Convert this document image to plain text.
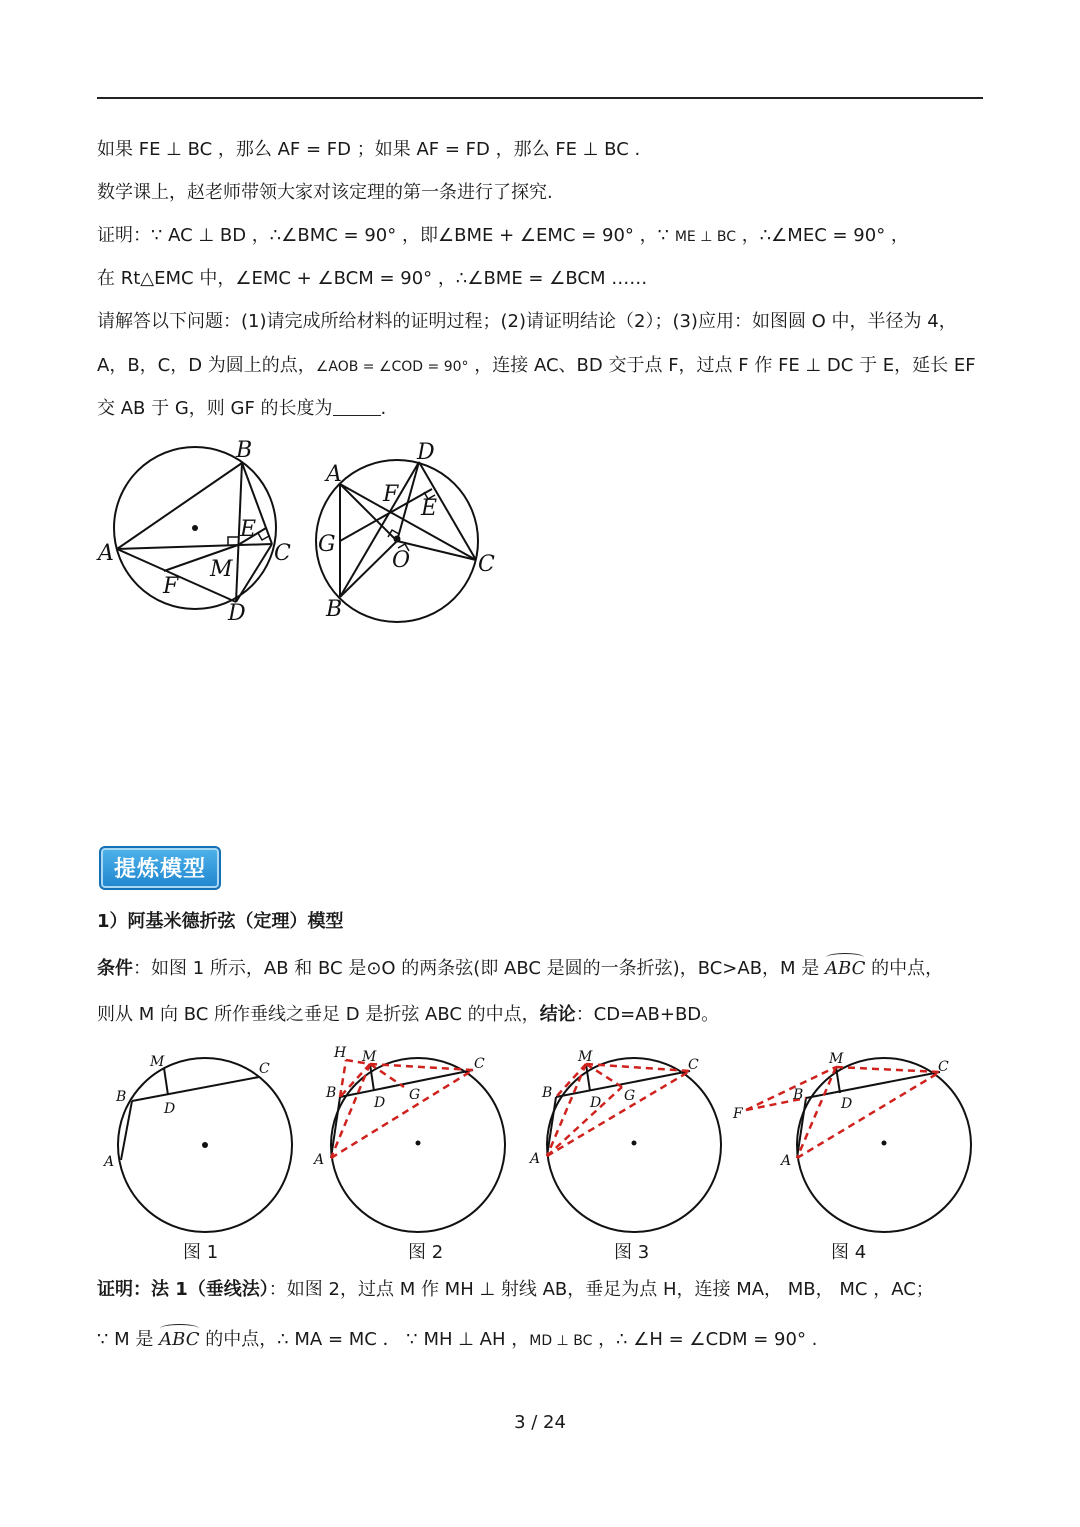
如果 FE ⊥ BC ，那么 AF = FD ；如果 AF = FD ，那么 FE ⊥ BC .
数学课上，赵老师带领大家对该定理的第一条进行了探究.
证明：∵ AC ⊥ BD ，∴∠BMC = 90° ，即∠BME + ∠EMC = 90° ，∵ ME ⊥ BC ，∴∠MEC = 90° ，
在 Rt△EMC 中，∠EMC + ∠BCM = 90° ，∴∠BME = ∠BCM ……
请解答以下问题：(1)请完成所给材料的证明过程；(2)请证明结论（2）；(3)应用：如图圆 O 中，半径为 4，
A，B，C，D 为圆上的点，∠AOB = ∠COD = 90° ，连接 AC、BD 交于点 F，过点 F 作 FE ⊥ DC 于 E，延长 EF
交 AB 于 G，则 GF 的长度为	.
B
A
E
C
M
F
D
D
A
F
E
G
O	C
B
提炼模型
1）阿基米德折弦（定理）模型
条件：如图 1 所示，AB 和 BC 是⊙O 的两条弦(即 ABC 是圆的一条折弦)，BC>AB，M 是 ABC 的中点，
则从 M 向 BC 所作垂线之垂足 D 是折弦 ABC 的中点，结论：CD=AB+BD。
M	C
B
D
A
H M	C
B
D G
A
M	C
B
D G
A
M	C
F
B
D
A
图 1	图 2	图 3	图 4
证明：法 1（垂线法）：如图 2，过点 M 作 MH ⊥ 射线 AB，垂足为点 H，连接 MA， MB， MC ，AC；
∵ M 是 ABC 的中点，∴ MA = MC ． ∵ MH ⊥ AH ，MD ⊥ BC ，∴ ∠H = ∠CDM = 90° .
3 / 24
